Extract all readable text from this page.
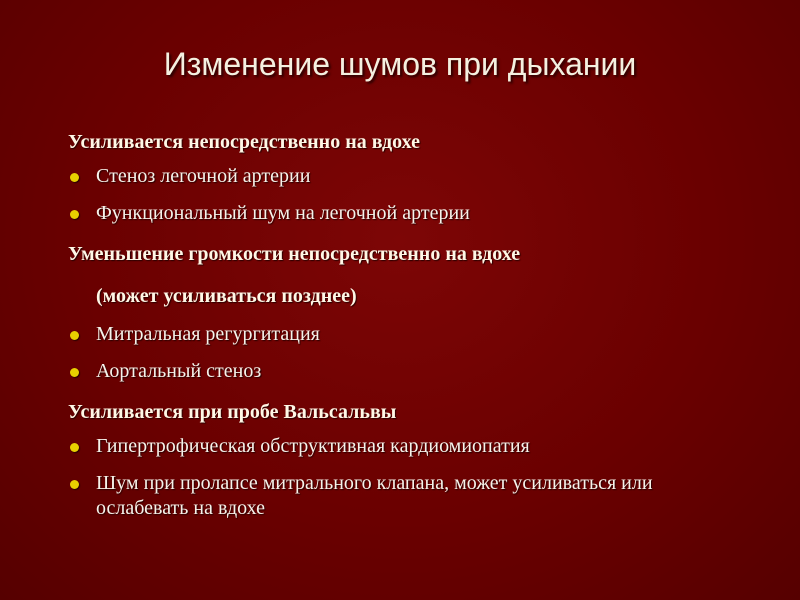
Изменение шумов при дыхании

Усиливается непосредственно на вдохе

Стеноз легочной артерии
Функциональный шум на легочной артерии

Уменьшение громкости непосредственно на вдохе

(может усиливаться позднее)

Митральная регургитация
Аортальный стеноз

Усиливается при пробе Вальсальвы

Гипертрофическая обструктивная кардиомиопатия
Шум при пролапсе митрального клапана, может усиливаться или ослабевать на вдохе
